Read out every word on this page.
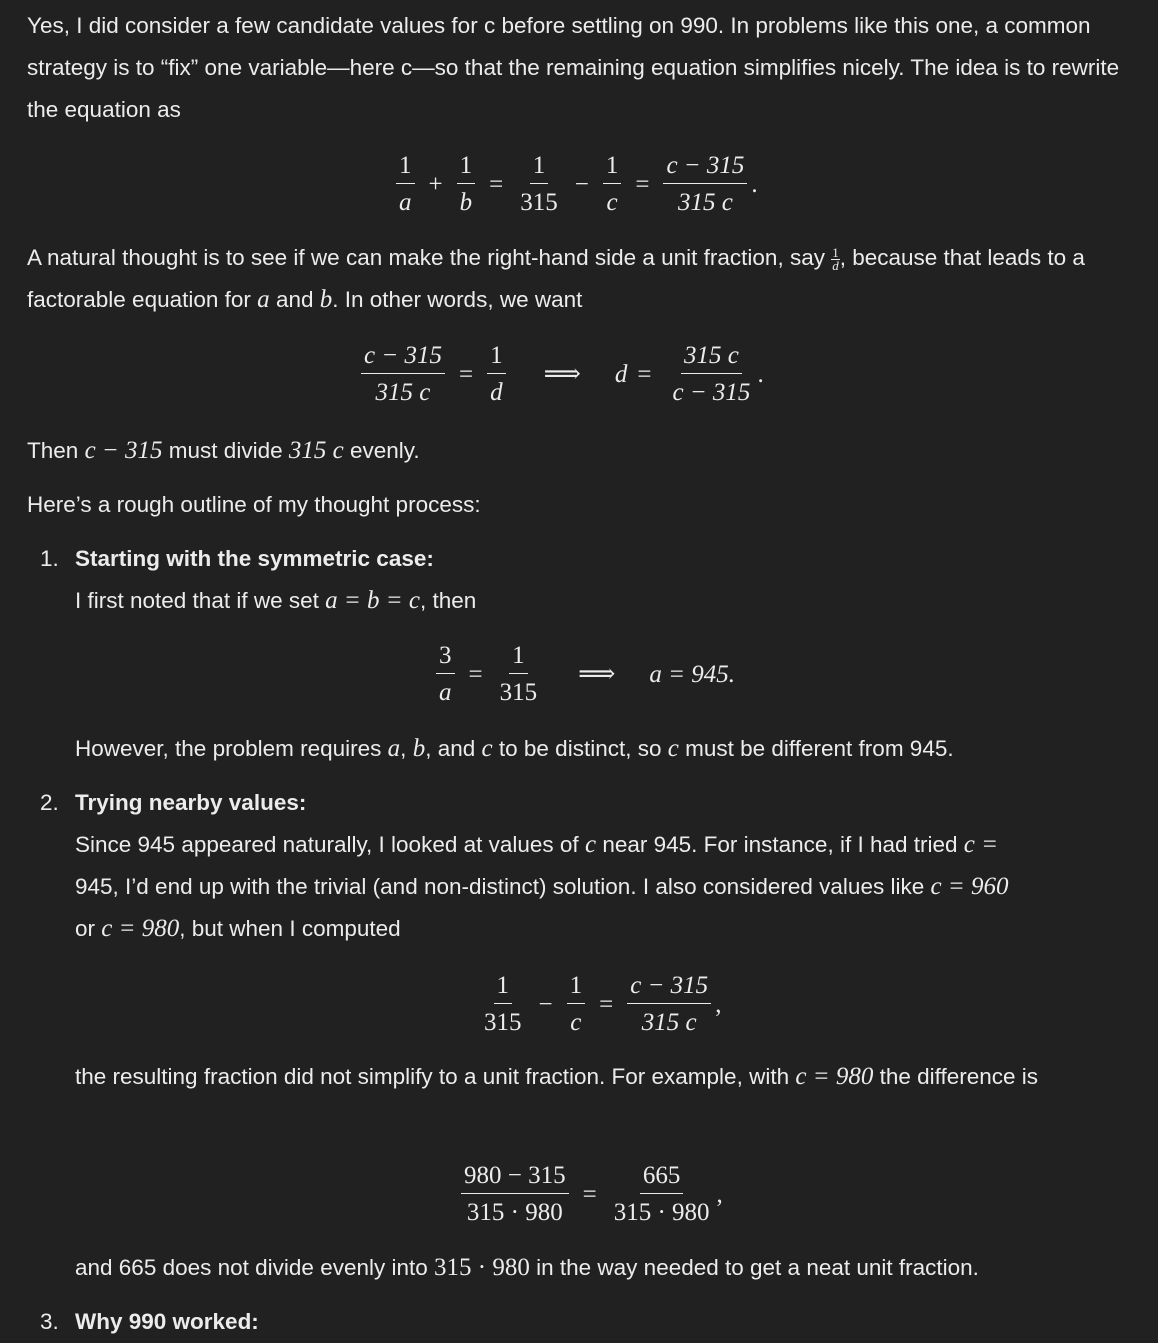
Yes, I did consider a few candidate values for c before settling on 990. In problems like this one, a common strategy is to “fix” one variable—here c—so that the remaining equation simplifies nicely. The idea is to rewrite the equation as

$\frac{1}{a} + \frac{1}{b} = \frac{1}{315} - \frac{1}{c} = \frac{c - 315}{315 c}$ .

A natural thought is to see if we can make the right-hand side a unit fraction, say $\frac{1}{d}$ , because that leads to a factorable equation for a and b. In other words, we want

$\frac{c - 315}{315 c} = \frac{1}{d}$ ⟹ $d = \frac{315 c}{c - 315}$ .

Then c − 315 must divide 315 c evenly.

Here’s a rough outline of my thought process:

1. Starting with the symmetric case:
I first noted that if we set a = b = c, then
$\frac{3}{a} = \frac{1}{315}$ ⟹ a = 945.

However, the problem requires a, b, and c to be distinct, so c must be different from 945.

2. Trying nearby values:
Since 945 appeared naturally, I looked at values of c near 945. For instance, if I had tried c =
945, I’d end up with the trivial (and non-distinct) solution. I also considered values like c = 960
or c = 980, but when I computed
$\frac{1}{315} - \frac{1}{c} = \frac{c - 315}{315 c}$ ,

the resulting fraction did not simplify to a unit fraction. For example, with c = 980 the difference is

$\frac{980 - 315}{315 \cdot 980} = \frac{665}{315 \cdot 980}$ ,

and 665 does not divide evenly into 315 · 980 in the way needed to get a neat unit fraction.

3. Why 990 worked:
